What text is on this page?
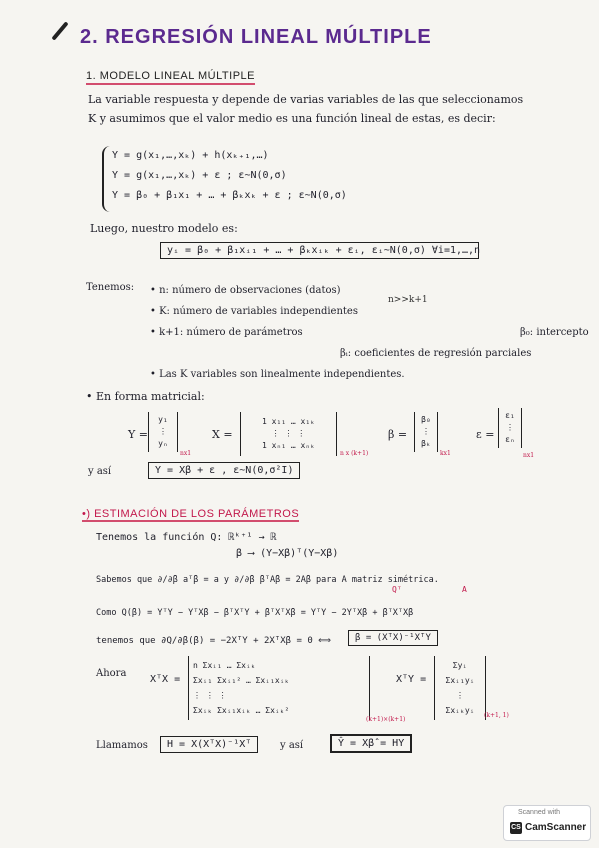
2. REGRESIÓN LINEAL MÚLTIPLE
1. MODELO LINEAL MÚLTIPLE
La variable respuesta y depende de varias variables de las que seleccionamos K y asumimos que el valor medio es una función lineal de estas, es decir:
Y = g(x₁,…,xₖ) + h(xₖ₊₁,…)
Y = g(x₁,…,xₖ) + ε ; ε~N(0,σ)
Y = β₀ + β₁x₁ + … + βₖxₖ + ε ; ε~N(0,σ)
Luego, nuestro modelo es:
yᵢ = β₀ + β₁xᵢ₁ + … + βₖxᵢₖ + εᵢ, εᵢ~N(0,σ) ∀i=1,…,n
Tenemos: • n: número de observaciones (datos)
• K: número de variables independientes
• k+1: número de parámetros	β₀: intercepto
βᵢ: coeficientes de regresión parciales
• Las K variables son linealmente independientes.
n>>k+1
• En forma matricial:
Y =
y₁
⋮
yₙ
nx1
X =
1 x₁₁ … x₁ₖ
⋮ ⋮ ⋮
1 xₙ₁ … xₙₖ
n x (k+1)
β =
β₀
⋮
βₖ
kx1
ε =
ε₁
⋮
εₙ
nx1
y así	Y = Xβ + ε , ε~N(0,σ²I)
•) ESTIMACIÓN DE LOS PARÁMETROS
Tenemos la función Q: ℝᵏ⁺¹ → ℝ
β ⟶ (Y−Xβ)ᵀ(Y−Xβ)
Qᵀ	A
Sabemos que ∂/∂β aᵀβ = a y ∂/∂β βᵀAβ = 2Aβ para A matriz simétrica.
Como Q(β) = YᵀY − YᵀXβ − βᵀXᵀY + βᵀXᵀXβ = YᵀY − 2YᵀXβ + βᵀXᵀXβ
tenemos que ∂Q/∂β(β) = −2XᵀY + 2XᵀXβ = 0 ⟺	β = (XᵀX)⁻¹XᵀY
Ahora
XᵀX =
n Σxᵢ₁ … Σxᵢₖ
Σxᵢ₁ Σxᵢ₁² … Σxᵢ₁xᵢₖ
⋮ ⋮ ⋮
Σxᵢₖ Σxᵢ₁xᵢₖ … Σxᵢₖ²
(k+1)×(k+1)
XᵀY =
Σyᵢ
Σxᵢ₁yᵢ
⋮
Σxᵢₖyᵢ
(k+1, 1)
Llamamos	H = X(XᵀX)⁻¹Xᵀ	y así	Ŷ = Xβ̂ = HY
Scanned with
CS CamScanner
